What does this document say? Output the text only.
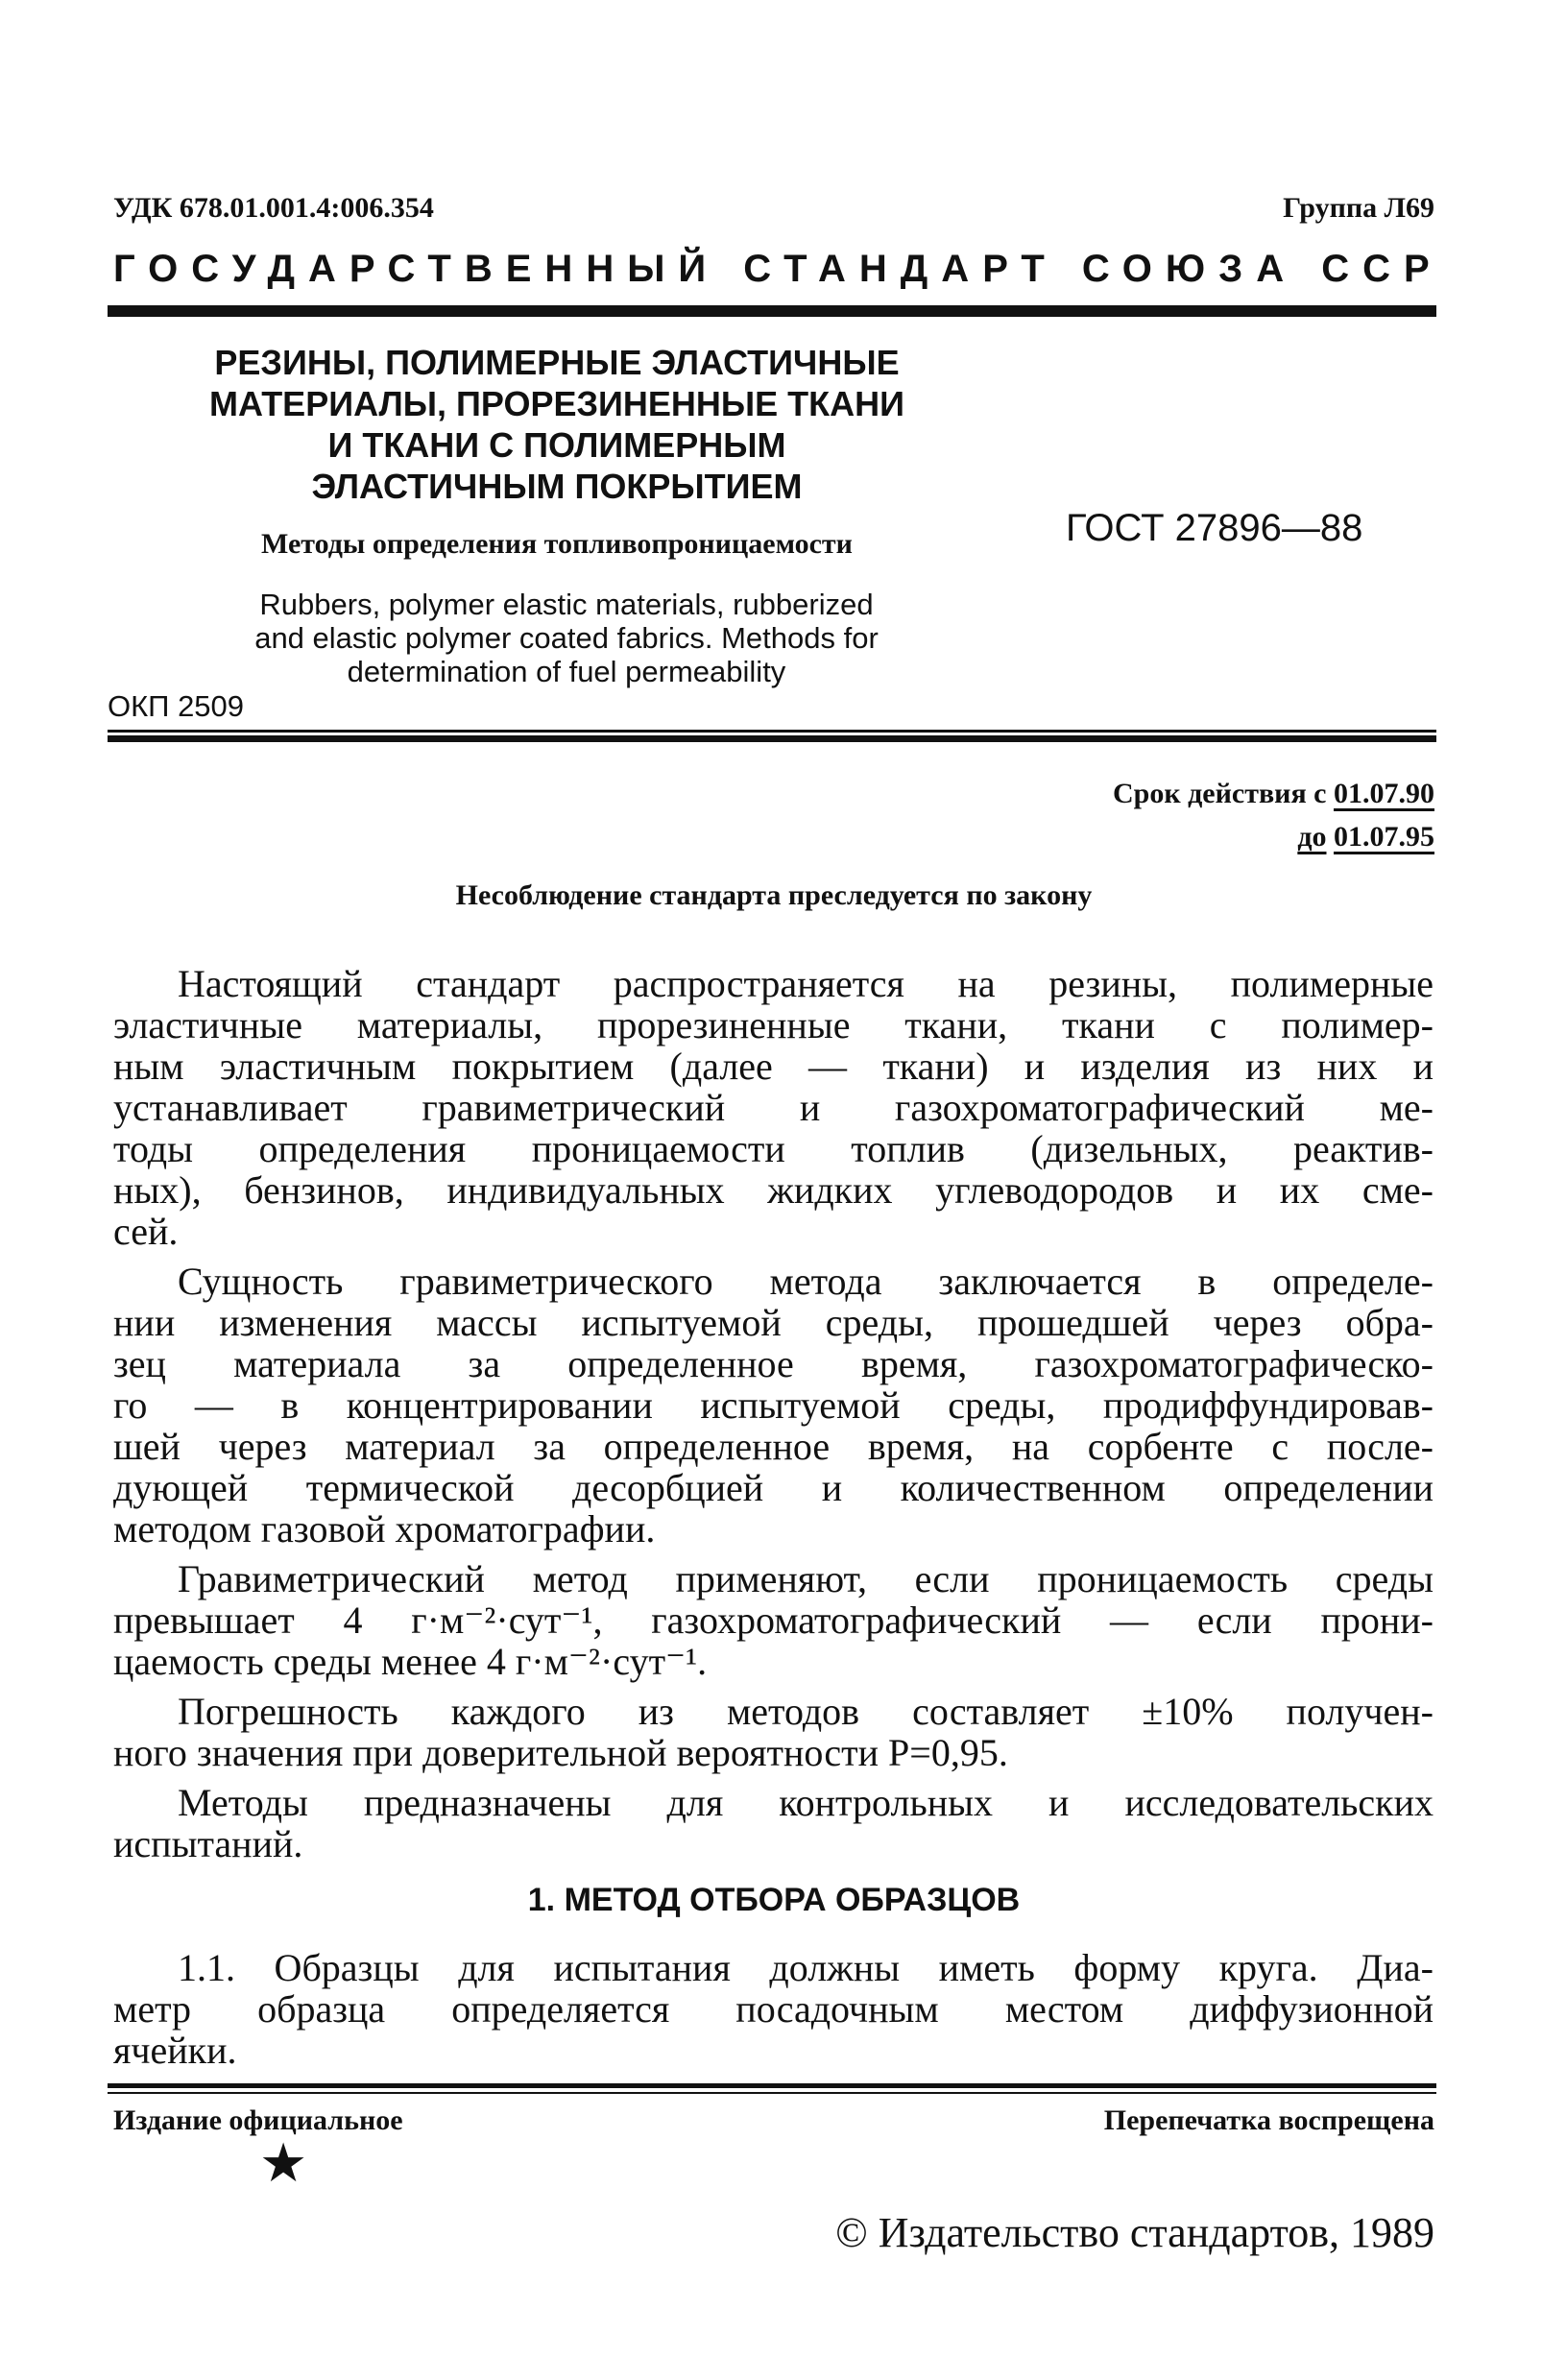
УДК 678.01.001.4:006.354	Группа Л69
ГОСУДАРСТВЕННЫЙ СТАНДАРТ СОЮЗА ССР
РЕЗИНЫ, ПОЛИМЕРНЫЕ ЭЛАСТИЧНЫЕ
МАТЕРИАЛЫ, ПРОРЕЗИНЕННЫЕ ТКАНИ
И ТКАНИ С ПОЛИМЕРНЫМ
ЭЛАСТИЧНЫМ ПОКРЫТИЕМ
Методы определения топливопроницаемости
Rubbers, polymer elastic materials, rubberized
and elastic polymer coated fabrics. Methods for
determination of fuel permeability
ГОСТ 27896—88
ОКП 2509
Срок действия с 01.07.90
до 01.07.95
Несоблюдение стандарта преследуется по закону
Настоящий стандарт распространяется на резины, полимерные
эластичные материалы, прорезиненные ткани, ткани с полимер-
ным эластичным покрытием (далее — ткани) и изделия из них и
устанавливает гравиметрический и газохроматографический ме-
тоды определения проницаемости топлив (дизельных, реактив-
ных), бензинов, индивидуальных жидких углеводородов и их сме-
сей.
Сущность гравиметрического метода заключается в определе-
нии изменения массы испытуемой среды, прошедшей через обра-
зец материала за определенное время, газохроматографическо-
го — в концентрировании испытуемой среды, продиффундировав-
шей через материал за определенное время, на сорбенте с после-
дующей термической десорбцией и количественном определении
методом газовой хроматографии.
Гравиметрический метод применяют, если проницаемость среды
превышает 4 г·м⁻²·сут⁻¹, газохроматографический — если прони-
цаемость среды менее 4 г·м⁻²·сут⁻¹.
Погрешность каждого из методов составляет ±10% получен-
ного значения при доверительной вероятности P=0,95.
Методы предназначены для контрольных и исследовательских
испытаний.
1. МЕТОД ОТБОРА ОБРАЗЦОВ
1.1. Образцы для испытания должны иметь форму круга. Диа-
метр образца определяется посадочным местом диффузионной
ячейки.
Издание официальное	Перепечатка воспрещена
★
© Издательство стандартов, 1989
